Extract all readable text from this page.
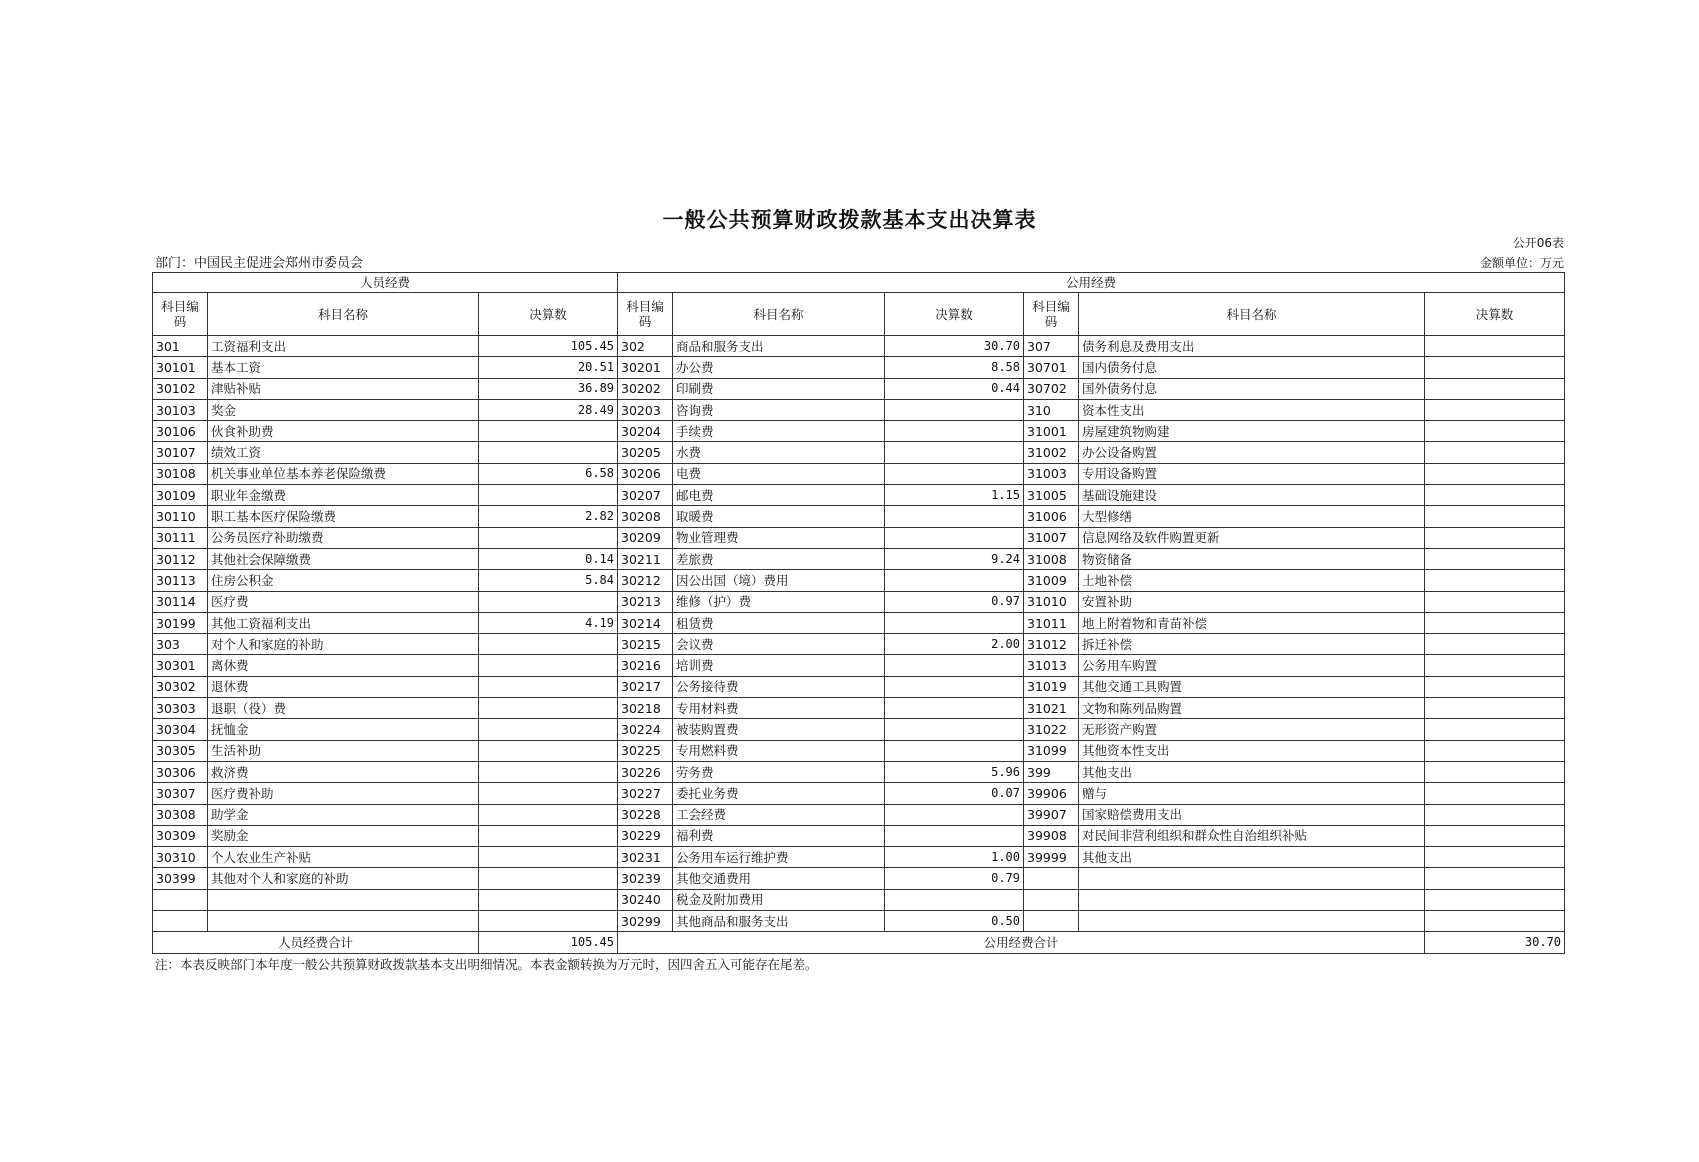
一般公共预算财政拨款基本支出决算表
公开06表
部门：中国民主促进会郑州市委员会	金额单位：万元
人员经费			公用经费					
科目编码	科目名称	决算数	科目编码	科目名称	决算数	科目编码	科目名称	决算数
301	工资福利支出	105.45	302	商品和服务支出	30.70	307	债务利息及费用支出	
30101	基本工资	20.51	30201	办公费	8.58	30701	国内债务付息	
30102	津贴补贴	36.89	30202	印刷费	0.44	30702	国外债务付息	
30103	奖金	28.49	30203	咨询费		310	资本性支出	
30106	伙食补助费		30204	手续费		31001	房屋建筑物购建	
30107	绩效工资		30205	水费		31002	办公设备购置	
30108	机关事业单位基本养老保险缴费	6.58	30206	电费		31003	专用设备购置	
30109	职业年金缴费		30207	邮电费	1.15	31005	基础设施建设	
30110	职工基本医疗保险缴费	2.82	30208	取暖费		31006	大型修缮	
30111	公务员医疗补助缴费		30209	物业管理费		31007	信息网络及软件购置更新	
30112	其他社会保障缴费	0.14	30211	差旅费	9.24	31008	物资储备	
30113	住房公积金	5.84	30212	因公出国（境）费用		31009	土地补偿	
30114	医疗费		30213	维修（护）费	0.97	31010	安置补助	
30199	其他工资福利支出	4.19	30214	租赁费		31011	地上附着物和青苗补偿	
303	对个人和家庭的补助		30215	会议费	2.00	31012	拆迁补偿	
30301	离休费		30216	培训费		31013	公务用车购置	
30302	退休费		30217	公务接待费		31019	其他交通工具购置	
30303	退职（役）费		30218	专用材料费		31021	文物和陈列品购置	
30304	抚恤金		30224	被装购置费		31022	无形资产购置	
30305	生活补助		30225	专用燃料费		31099	其他资本性支出	
30306	救济费		30226	劳务费	5.96	399	其他支出	
30307	医疗费补助		30227	委托业务费	0.07	39906	赠与	
30308	助学金		30228	工会经费		39907	国家赔偿费用支出	
30309	奖励金		30229	福利费		39908	对民间非营利组织和群众性自治组织补贴	
30310	个人农业生产补贴		30231	公务用车运行维护费	1.00	39999	其他支出	
30399	其他对个人和家庭的补助		30239	其他交通费用	0.79			
			30240	税金及附加费用				
			30299	其他商品和服务支出	0.50			
人员经费合计		105.45	公用经费合计					30.70
注：本表反映部门本年度一般公共预算财政拨款基本支出明细情况。本表金额转换为万元时，因四舍五入可能存在尾差。
